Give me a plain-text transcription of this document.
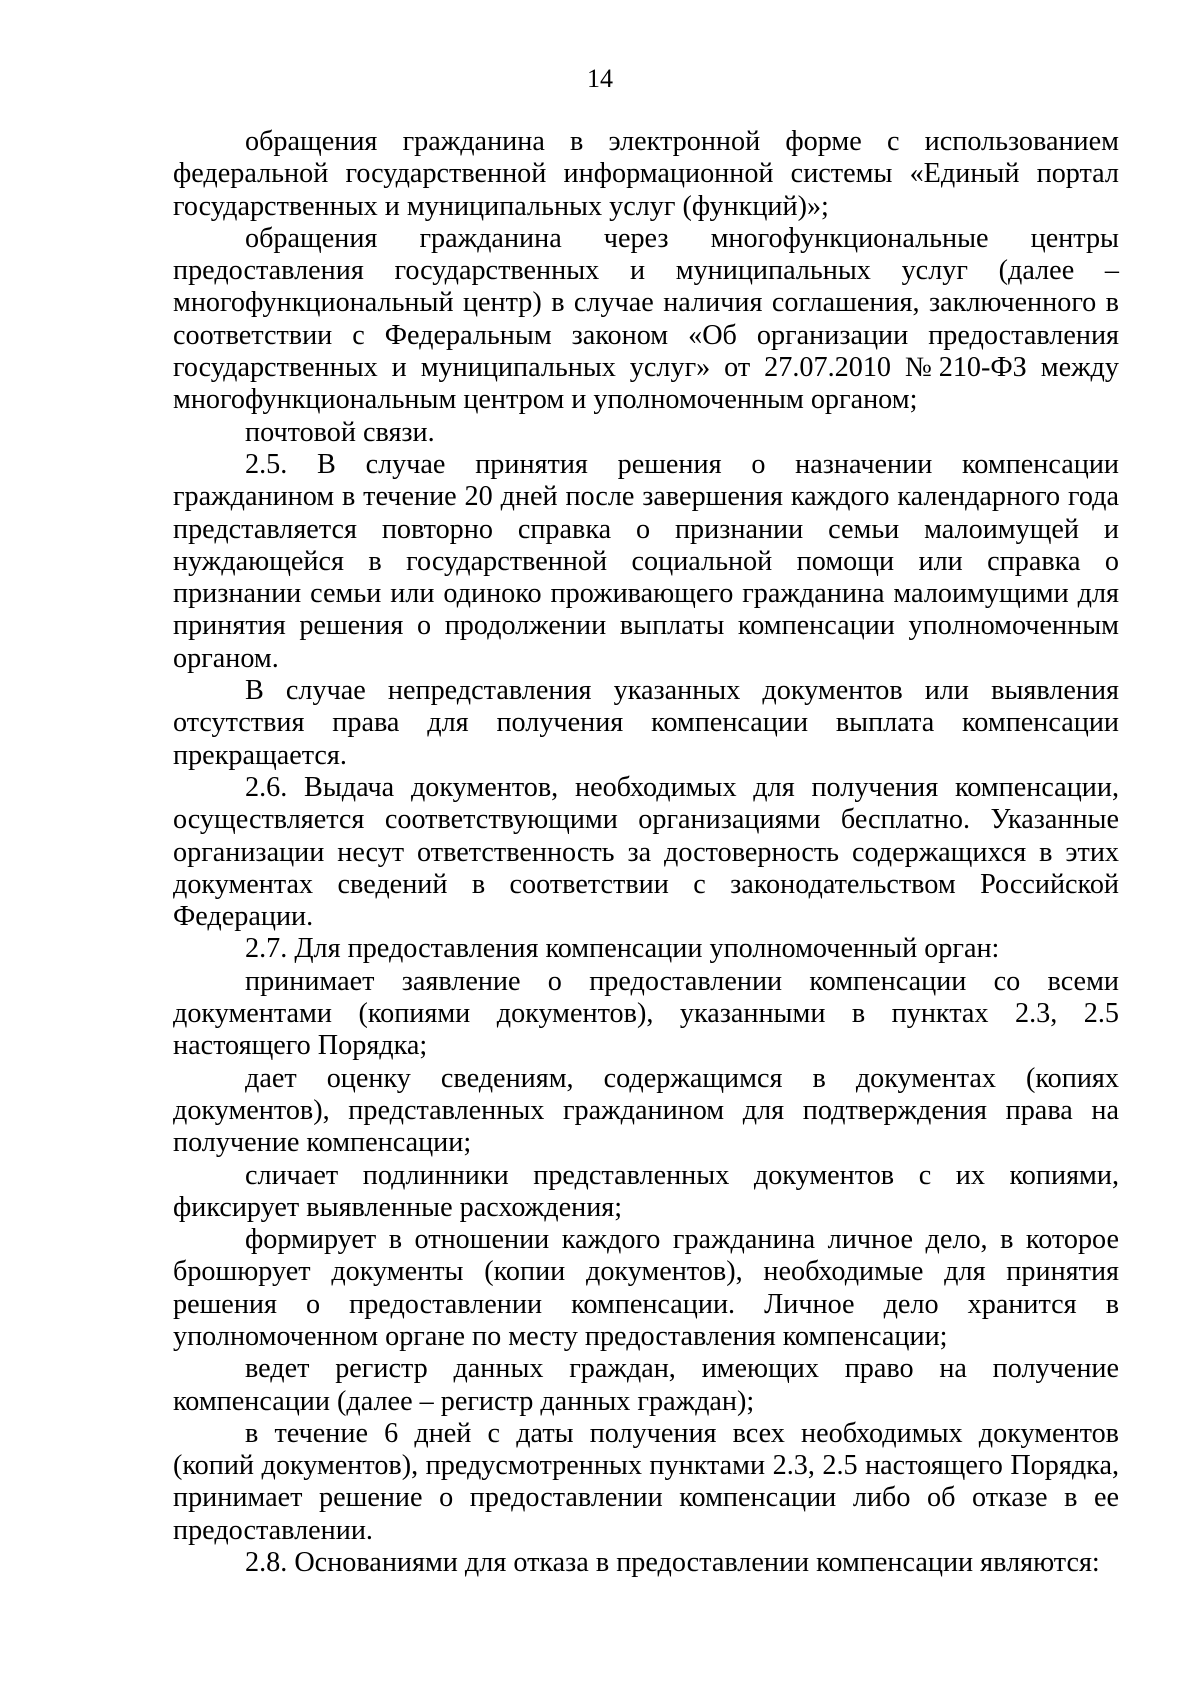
14

обращения гражданина в электронной форме с использованием федеральной государственной информационной системы «Единый портал государственных и муниципальных услуг (функций)»;

обращения гражданина через многофункциональные центры предоставления государственных и муниципальных услуг (далее – многофункциональный центр) в случае наличия соглашения, заключенного в соответствии с Федеральным законом «Об организации предоставления государственных и муниципальных услуг» от 27.07.2010 №210-ФЗ между многофункциональным центром и уполномоченным органом;

почтовой связи.

2.5. В случае принятия решения о назначении компенсации гражданином в течение 20 дней после завершения каждого календарного года представляется повторно справка о признании семьи малоимущей и нуждающейся в государственной социальной помощи или справка о признании семьи или одиноко проживающего гражданина малоимущими для принятия решения о продолжении выплаты компенсации уполномоченным органом.

В случае непредставления указанных документов или выявления отсутствия права для получения компенсации выплата компенсации прекращается.

2.6. Выдача документов, необходимых для получения компенсации, осуществляется соответствующими организациями бесплатно. Указанные организации несут ответственность за достоверность содержащихся в этих документах сведений в соответствии с законодательством Российской Федерации.

2.7. Для предоставления компенсации уполномоченный орган:

принимает заявление о предоставлении компенсации со всеми документами (копиями документов), указанными в пунктах 2.3, 2.5 настоящего Порядка;

дает оценку сведениям, содержащимся в документах (копиях документов), представленных гражданином для подтверждения права на получение компенсации;

сличает подлинники представленных документов с их копиями, фиксирует выявленные расхождения;

формирует в отношении каждого гражданина личное дело, в которое брошюрует документы (копии документов), необходимые для принятия решения о предоставлении компенсации. Личное дело хранится в уполномоченном органе по месту предоставления компенсации;

ведет регистр данных граждан, имеющих право на получение компенсации (далее – регистр данных граждан);

в течение 6 дней с даты получения всех необходимых документов (копий документов), предусмотренных пунктами 2.3, 2.5 настоящего Порядка, принимает решение о предоставлении компенсации либо об отказе в ее предоставлении.

2.8. Основаниями для отказа в предоставлении компенсации являются:
